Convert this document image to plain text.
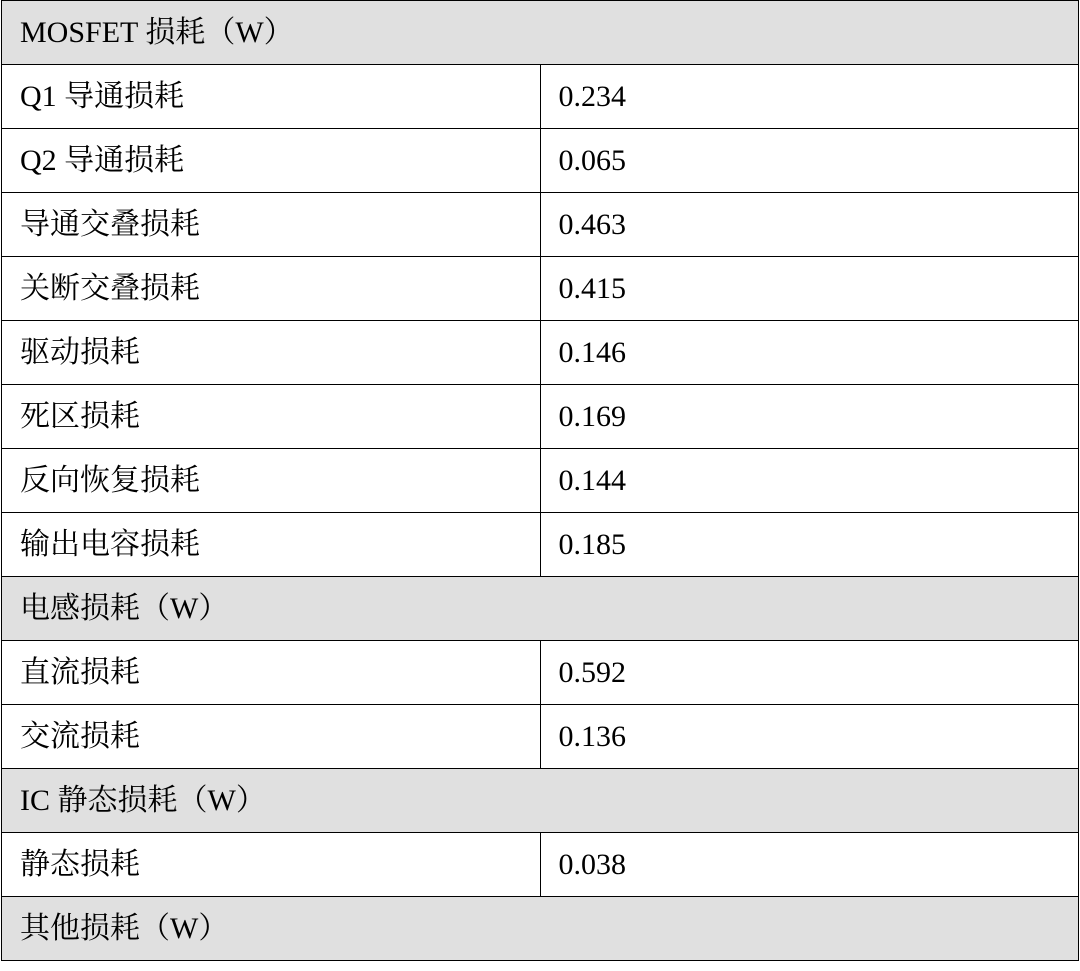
MOSFET 损耗（W）	
Q1 导通损耗	0.234
Q2 导通损耗	0.065
导通交叠损耗	0.463
关断交叠损耗	0.415
驱动损耗	0.146
死区损耗	0.169
反向恢复损耗	0.144
输出电容损耗	0.185
电感损耗（W）	
直流损耗	0.592
交流损耗	0.136
IC 静态损耗（W）	
静态损耗	0.038
其他损耗（W）	
